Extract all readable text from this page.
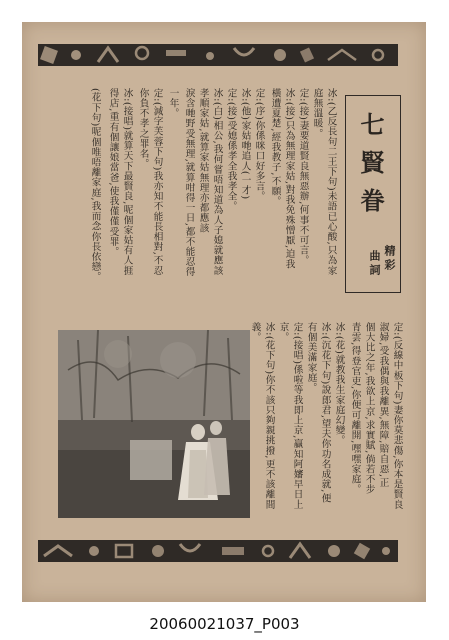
七賢眷
精彩
曲詞
冰:(乙反長句二王下句)未語已心酸,只為家
庭無溫暖。
定:(接)妻要道賢良無惡辦,何事不可言。
冰:(接)只為無理家姑,對我免殊憎厭,迫我
橫遭夏楚,經我教子,不願。
定:(序)你係咪口好多言。
冰:(他)家姑哋追人(一才)
定:(接)受媳係孝全我孝全。
冰:(白)相公,我何嘗唔知道為人子媳就應該
孝順家姑,就算家姑無理亦都應該
淚含哋野受無理,就算咁得一日,都不能忍得
一年。
定:(減字芙蓉下句)我亦知不能長相對,不忍
你負不孝之罪名。
冰:(接唱)就算天下最賢良,呢個家姑有人捱
得店,重有個讓娘當爸,使我僅僅受罪。
(花下句)呢個唯唔離家庭,我而念你長依戀。
定:(反線中板下句)妻你莫悲傷,你本是賢良
淑婦,受我偶與我離異,無障,賠自惡,正
個大比之年,我欲上京,求實賦,倘若不步
青雲,得登官吏,你便可離開,嘿嘿家庭。
冰:(花)就教我生家庭幻變。
冰:(沉花下句)說郎君,望夫你功名成就,便
有個美滿家庭。
定:(接唱)係啦等我即上京,贏知阿嬸早日上
京。
冰:(花下句)你不該只夠親挑撥,更不該離間
義。
20060021037_P003
